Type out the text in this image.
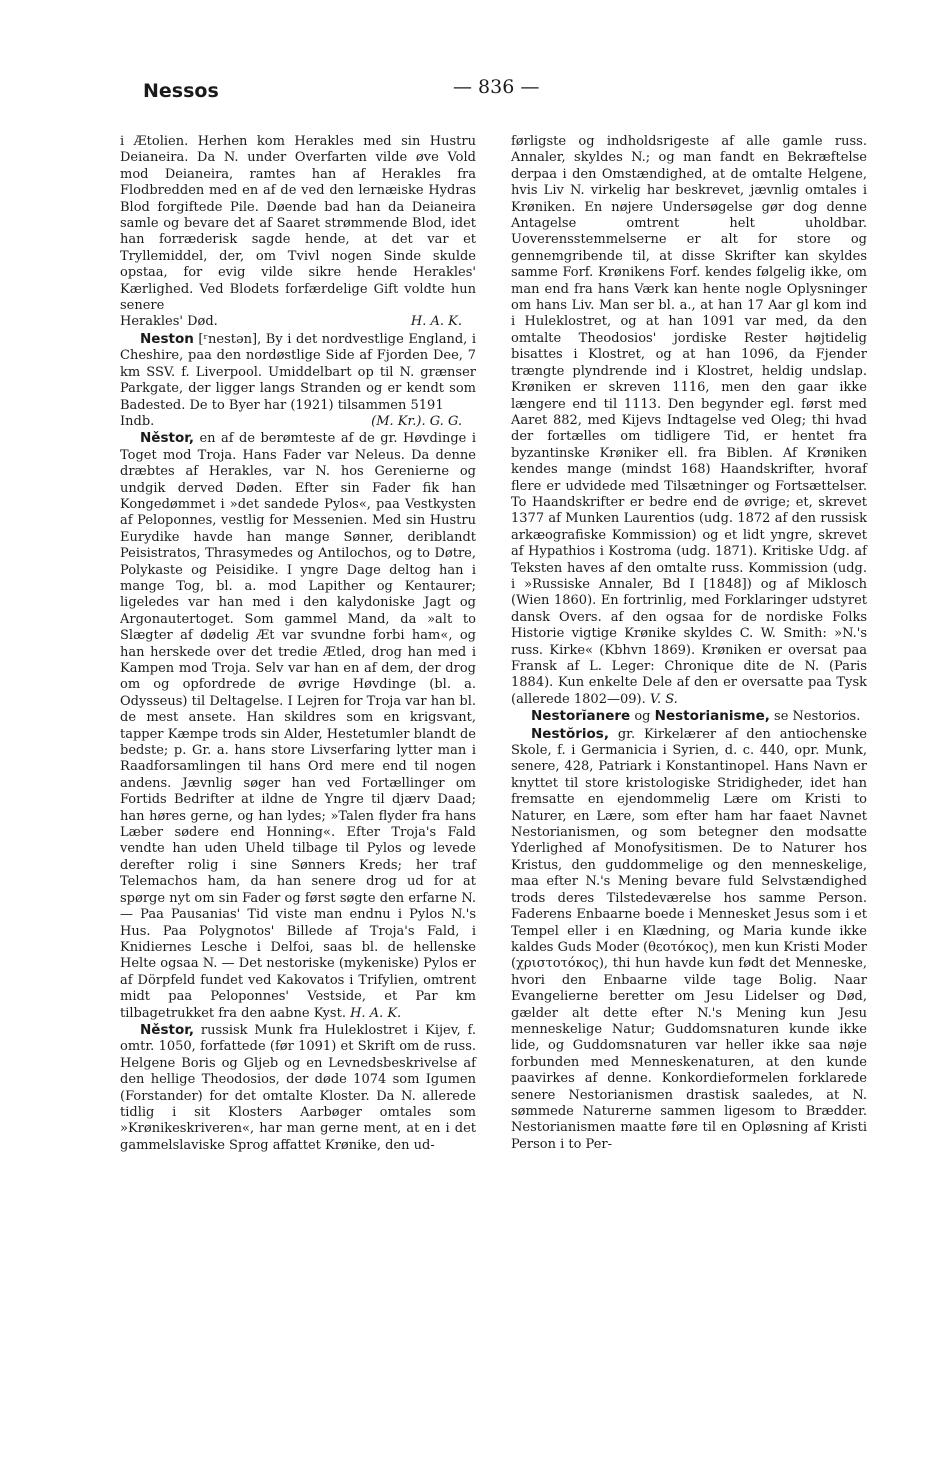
Nessos	— 836 —

i Ætolien. Herhen kom Herakles med sin Hustru Deianeira. Da N. under Overfarten vilde øve Vold mod Deianeira, ramtes han af Herakles fra Flodbredden med en af de ved den lernæiske Hydras Blod forgiftede Pile. Døende bad han da Deianeira samle og bevare det af Saaret strømmende Blod, idet han forræderisk sagde hende, at det var et Tryllemiddel, der, om Tvivl nogen Sinde skulde opstaa, for evig vilde sikre hende Herakles' Kærlighed. Ved Blodets forfærdelige Gift voldte hun senere

Herakles' Død.	H. A. K.

Neston [ʳnestən], By i det nordvestlige England, i Cheshire, paa den nordøstlige Side af Fjorden Dee, 7 km SSV. f. Liverpool. Umiddelbart op til N. grænser Parkgate, der ligger langs Stranden og er kendt som Badested. De to Byer har (1921) tilsammen 5191

Indb.	(M. Kr.). G. G.

Něstor, en af de berømteste af de gr. Høvdinge i Toget mod Troja. Hans Fader var Neleus. Da denne dræbtes af Herakles, var N. hos Gerenierne og undgik derved Døden. Efter sin Fader fik han Kongedømmet i »det sandede Pylos«, paa Vestkysten af Peloponnes, vestlig for Messenien. Med sin Hustru Eurydike havde han mange Sønner, deriblandt Peisistratos, Thrasymedes og Antilochos, og to Døtre, Polykaste og Peisidike. I yngre Dage deltog han i mange Tog, bl. a. mod Lapither og Kentaurer; ligeledes var han med i den kalydoniske Jagt og Argonautertoget. Som gammel Mand, da »alt to Slægter af dødelig Æt var svundne forbi ham«, og han herskede over det tredie Ætled, drog han med i Kampen mod Troja. Selv var han en af dem, der drog om og opfordrede de øvrige Høvdinge (bl. a. Odysseus) til Deltagelse. I Lejren for Troja var han bl. de mest ansete. Han skildres som en krigsvant, tapper Kæmpe trods sin Alder, Hestetumler blandt de bedste; p. Gr. a. hans store Livserfaring lytter man i Raadforsamlingen til hans Ord mere end til nogen andens. Jævnlig søger han ved Fortællinger om Fortids Bedrifter at ildne de Yngre til djærv Daad; han høres gerne, og han lydes; »Talen flyder fra hans Læber sødere end Honning«. Efter Troja's Fald vendte han uden Uheld tilbage til Pylos og levede derefter rolig i sine Sønners Kreds; her traf Telemachos ham, da han senere drog ud for at spørge nyt om sin Fader og først søgte den erfarne N. — Paa Pausanias' Tid viste man endnu i Pylos N.'s Hus. Paa Polygnotos' Billede af Troja's Fald, i Knidiernes Lesche i Delfoi, saas bl. de hellenske Helte ogsaa N. — Det nestoriske (mykeniske) Pylos er af Dörpfeld fundet ved Kakovatos i Trifylien, omtrent midt paa Peloponnes' Vestside, et Par km tilbagetrukket fra den aabne Kyst. H. A. K.

Něstor, russisk Munk fra Huleklostret i Kijev, f. omtr. 1050, forfattede (før 1091) et Skrift om de russ. Helgene Boris og Gljeb og en Levnedsbeskrivelse af den hellige Theodosios, der døde 1074 som Igumen (Forstander) for det omtalte Kloster. Da N. allerede tidlig i sit Klosters Aarbøger omtales som »Krønikeskriveren«, har man gerne ment, at en i det gammelslaviske Sprog affattet Krønike, den ud-

førligste og indholdsrigeste af alle gamle russ. Annaler, skyldes N.; og man fandt en Bekræftelse derpaa i den Omstændighed, at de omtalte Helgene, hvis Liv N. virkelig har beskrevet, jævnlig omtales i Krøniken. En nøjere Undersøgelse gør dog denne Antagelse omtrent helt uholdbar. Uoverensstemmelserne er alt for store og gennemgribende til, at disse Skrifter kan skyldes samme Forf. Krønikens Forf. kendes følgelig ikke, om man end fra hans Værk kan hente nogle Oplysninger om hans Liv. Man ser bl. a., at han 17 Aar gl kom ind i Huleklostret, og at han 1091 var med, da den omtalte Theodosios' jordiske Rester højtidelig bisattes i Klostret, og at han 1096, da Fjender trængte plyndrende ind i Klostret, heldig undslap. Krøniken er skreven 1116, men den gaar ikke længere end til 1113. Den begynder egl. først med Aaret 882, med Kijevs Indtagelse ved Oleg; thi hvad der fortælles om tidligere Tid, er hentet fra byzantinske Krøniker ell. fra Biblen. Af Krøniken kendes mange (mindst 168) Haandskrifter, hvoraf flere er udvidede med Tilsætninger og Fortsættelser. To Haandskrifter er bedre end de øvrige; et, skrevet 1377 af Munken Laurentios (udg. 1872 af den russisk arkæografiske Kommission) og et lidt yngre, skrevet af Hypathios i Kostroma (udg. 1871). Kritiske Udg. af Teksten haves af den omtalte russ. Kommission (udg. i »Russiske Annaler, Bd I [1848]) og af Miklosch (Wien 1860). En fortrinlig, med Forklaringer udstyret dansk Overs. af den ogsaa for de nordiske Folks Historie vigtige Krønike skyldes C. W. Smith: »N.'s russ. Kirke« (Kbhvn 1869). Krøniken er oversat paa Fransk af L. Leger: Chronique dite de N. (Paris 1884). Kun enkelte Dele af den er oversatte paa Tysk (allerede 1802—09). V. S.

Nestorĭanere og Nestorianisme, se Nestorios.

Nestŏrios, gr. Kirkelærer af den antiochenske Skole, f. i Germanicia i Syrien, d. c. 440, opr. Munk, senere, 428, Patriark i Konstantinopel. Hans Navn er knyttet til store kristologiske Stridigheder, idet han fremsatte en ejendommelig Lære om Kristi to Naturer, en Lære, som efter ham har faaet Navnet Nestorianismen, og som betegner den modsatte Yderlighed af Monofysitismen. De to Naturer hos Kristus, den guddommelige og den menneskelige, maa efter N.'s Mening bevare fuld Selvstændighed trods deres Tilstedeværelse hos samme Person. Faderens Enbaarne boede i Mennesket Jesus som i et Tempel eller i en Klædning, og Maria kunde ikke kaldes Guds Moder (θεοτόκος), men kun Kristi Moder (χριστοτόκος), thi hun havde kun født det Menneske, hvori den Enbaarne vilde tage Bolig. Naar Evangelierne beretter om Jesu Lidelser og Død, gælder alt dette efter N.'s Mening kun Jesu menneskelige Natur; Guddomsnaturen kunde ikke lide, og Guddomsnaturen var heller ikke saa nøje forbunden med Menneskenaturen, at den kunde paavirkes af denne. Konkordieformelen forklarede senere Nestorianismen drastisk saaledes, at N. sømmede Naturerne sammen ligesom to Brædder. Nestorianismen maatte føre til en Opløsning af Kristi Person i to Per-
